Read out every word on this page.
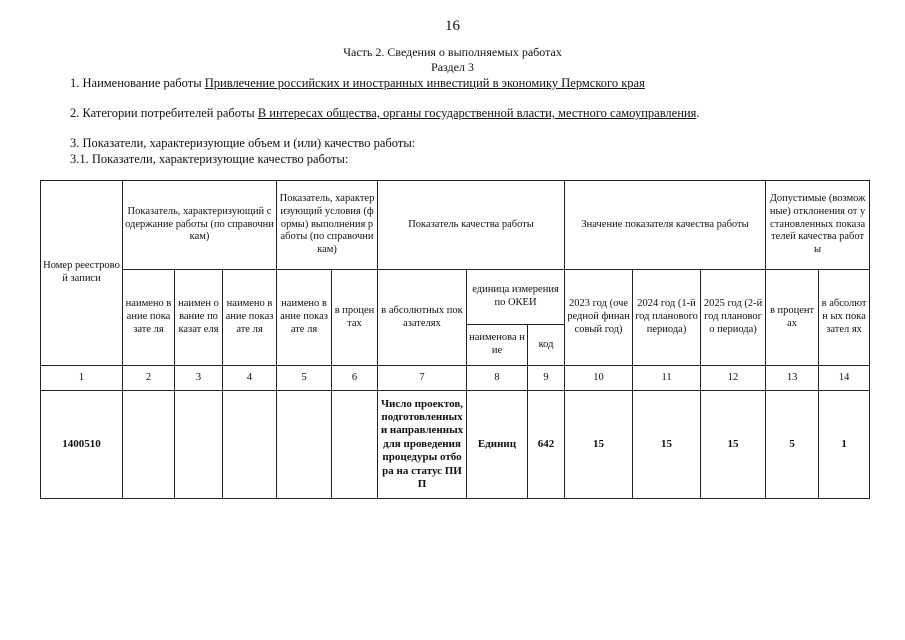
16
Часть 2. Сведения о выполняемых работах
Раздел 3
1. Наименование работы Привлечение российских и иностранных инвестиций в экономику Пермского края
2. Категории потребителей работы В интересах общества, органы государственной власти, местного самоуправления.
3. Показатели, характеризующие объем и (или) качество работы:
3.1. Показатели, характеризующие качество работы:
Номер реестровой записи	Показатель, характеризующий содержание работы (по справочникам)			Показатель, характеризующий условия (формы) выполнения работы (по справочникам)		Показатель качества работы			Значение показателя качества работы			Допустимые (возможные) отклонения от установленных показателей качества работы	
	наимено вание показате ля	наимен ование показат еля	наимено вание показате ля	наимено вание показате ля	в процен тах	в абсолютных показателях	единица измерения по ОКЕИ		2023 год (очередной финансовый год)	2024 год (1-й год планового периода)	2025 год (2-й год планового периода)	в процент ах	в абсолютн ых показател ях
							наименова ние	код					
1	2	3	4	5	6	7	8	9	10	11	12	13	14
1400510						Число проектов, подготовленных и направленных для проведения процедуры отбора на статус ПИП	Единиц	642	15	15	15	5	1
